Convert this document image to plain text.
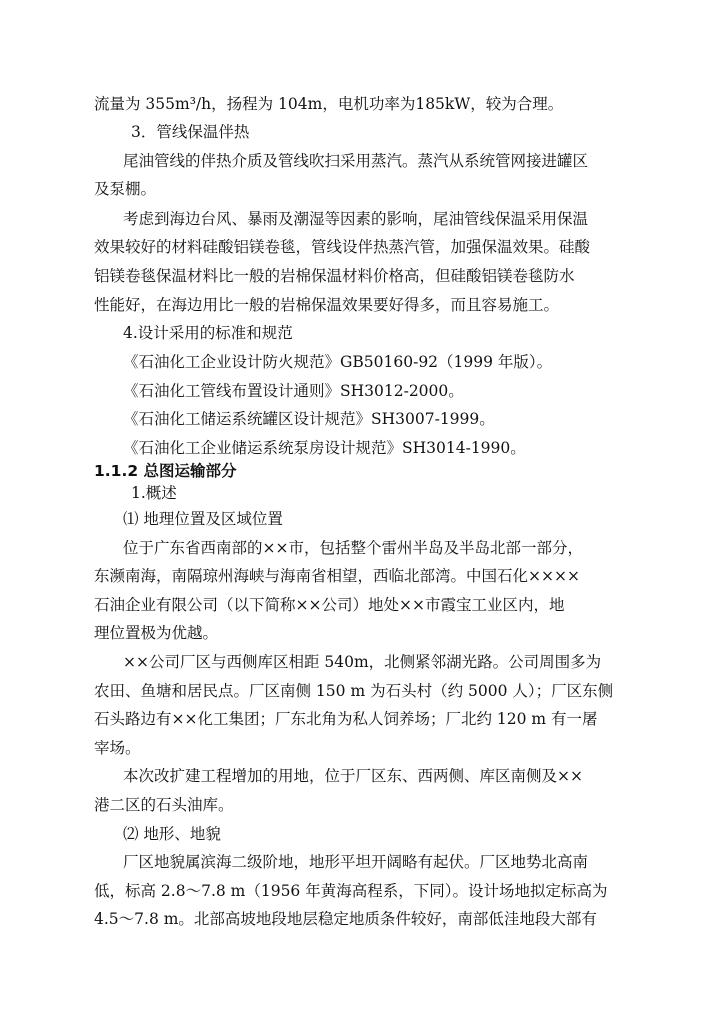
流量为 355m³/h，扬程为 104m，电机功率为185kW，较为合理。
3．管线保温伴热
尾油管线的伴热介质及管线吹扫采用蒸汽。蒸汽从系统管网接进罐区
及泵棚。
考虑到海边台风、暴雨及潮湿等因素的影响，尾油管线保温采用保温
效果较好的材料硅酸铝镁卷毯，管线设伴热蒸汽管，加强保温效果。硅酸
铝镁卷毯保温材料比一般的岩棉保温材料价格高，但硅酸铝镁卷毯防水
性能好，在海边用比一般的岩棉保温效果要好得多，而且容易施工。
4.设计采用的标准和规范
《石油化工企业设计防火规范》GB50160-92（1999 年版）。
《石油化工管线布置设计通则》SH3012-2000。
《石油化工储运系统罐区设计规范》SH3007-1999。
《石油化工企业储运系统泵房设计规范》SH3014-1990。
1.1.2 总图运输部分
1.概述
⑴ 地理位置及区域位置
位于广东省西南部的××市，包括整个雷州半岛及半岛北部一部分，
东濒南海，南隔琼州海峡与海南省相望，西临北部湾。中国石化××××
石油企业有限公司（以下简称××公司）地处××市霞宝工业区内，地
理位置极为优越。
××公司厂区与西侧库区相距 540m，北侧紧邻湖光路。公司周围多为
农田、鱼塘和居民点。厂区南侧 150 m 为石头村（约 5000 人）；厂区东侧
石头路边有××化工集团；厂东北角为私人饲养场；厂北约 120 m 有一屠
宰场。
本次改扩建工程增加的用地，位于厂区东、西两侧、库区南侧及××
港二区的石头油库。
⑵ 地形、地貌
厂区地貌属滨海二级阶地，地形平坦开阔略有起伏。厂区地势北高南
低，标高 2.8～7.8 m（1956 年黄海高程系，下同）。设计场地拟定标高为
4.5～7.8 m。北部高坡地段地层稳定地质条件较好，南部低洼地段大部有
